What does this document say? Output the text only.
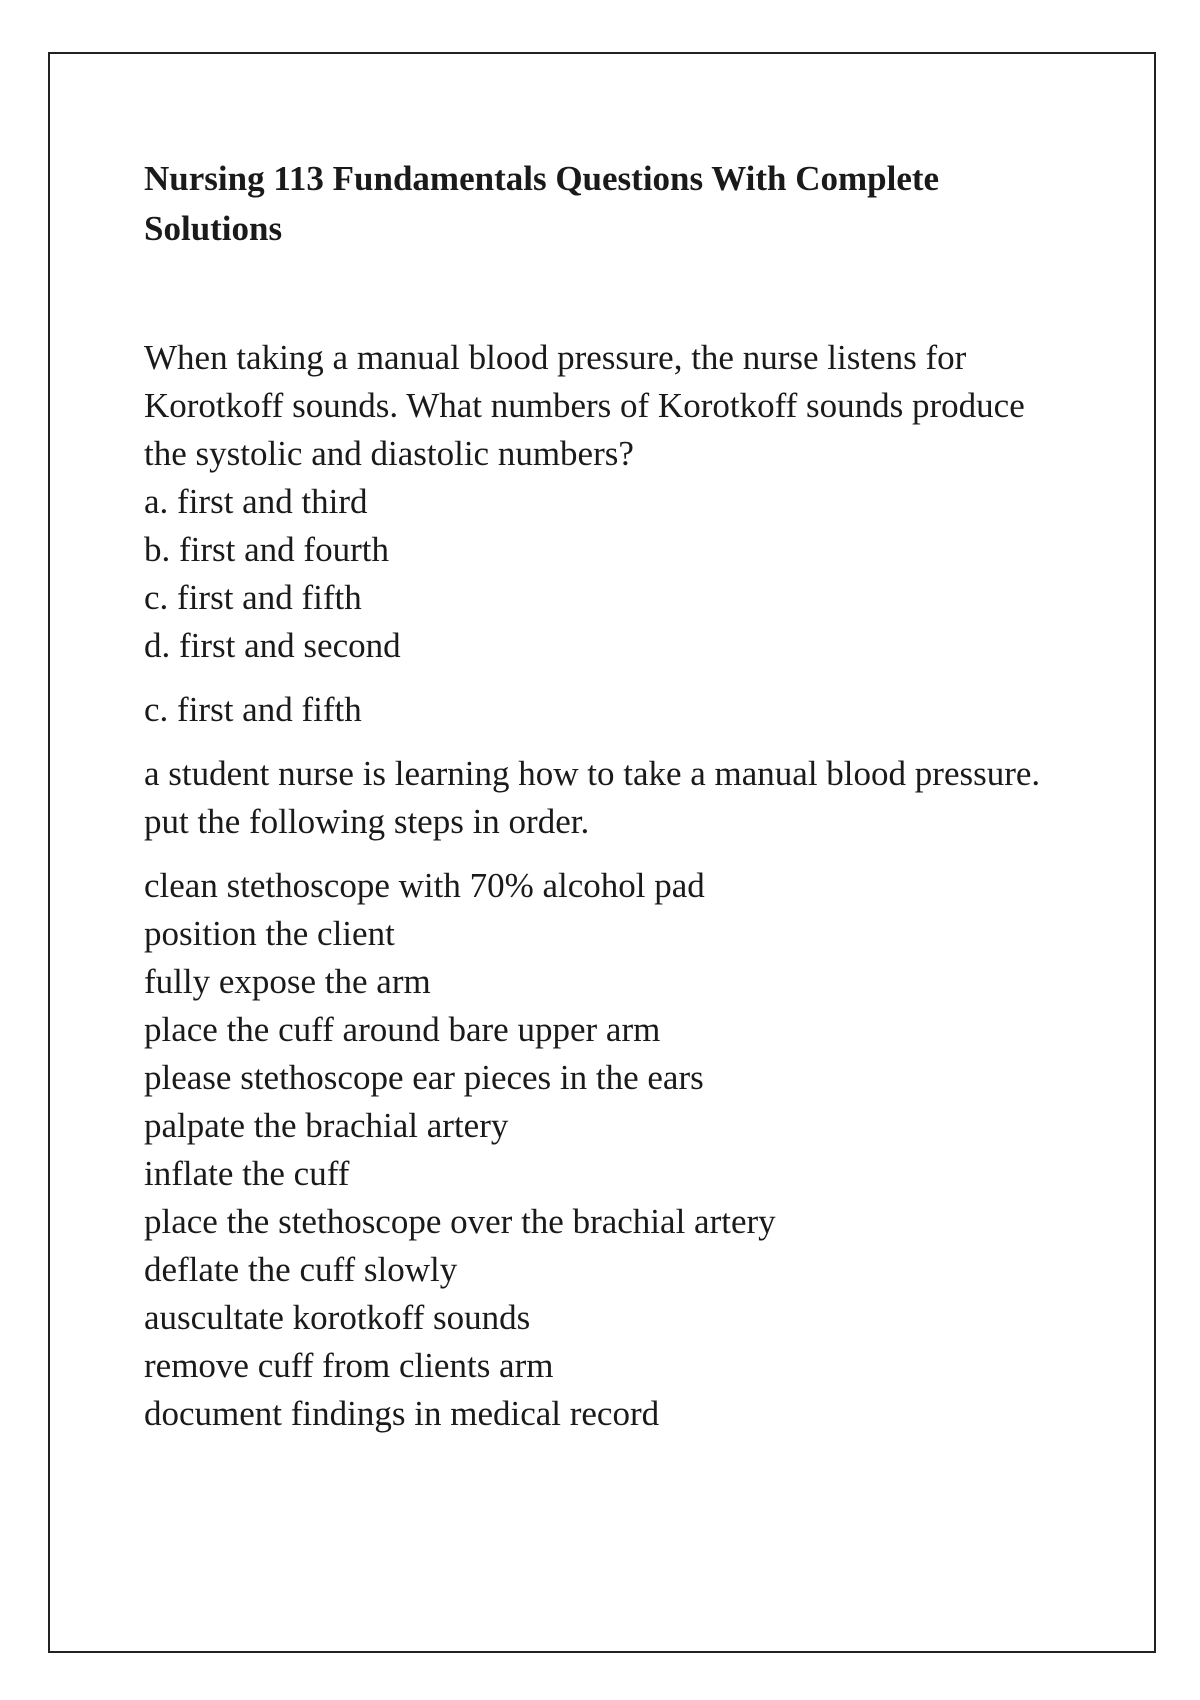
Nursing 113 Fundamentals Questions With Complete
Solutions
When taking a manual blood pressure, the nurse listens for
Korotkoff sounds. What numbers of Korotkoff sounds produce
the systolic and diastolic numbers?
a. first and third
b. first and fourth
c. first and fifth
d. first and second
c. first and fifth
a student nurse is learning how to take a manual blood pressure.
put the following steps in order.
clean stethoscope with 70% alcohol pad
position the client
fully expose the arm
place the cuff around bare upper arm
please stethoscope ear pieces in the ears
palpate the brachial artery
inflate the cuff
place the stethoscope over the brachial artery
deflate the cuff slowly
auscultate korotkoff sounds
remove cuff from clients arm
document findings in medical record
